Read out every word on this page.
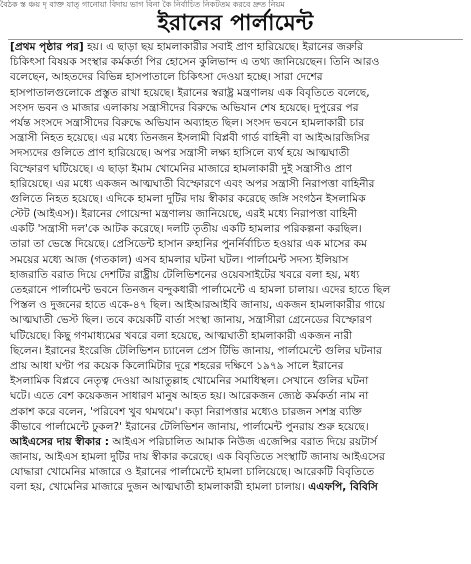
বৈঠক স্ত ঞ্চয় দৃ বাক্ত যাত্ গানোয়া বিদায় ভাগ বিনা কৈ নির্বাচিত নিকটতম করবে দ্রুত নিয়ম
ইরানের পার্লামেন্ট
[প্রথম পৃষ্ঠার পর] হয়। এ ছাড়া ছয় হামলাকারীর সবাই প্রাণ হারিয়েছে। ইরানের জরুরি
চিকিৎসা বিষয়ক সংস্থার কর্মকর্তা পির হোসেন কুলিভান্দ এ তথ্য জানিয়েছেন। তিনি আরও
বলেছেন, আহতদের বিভিন্ন হাসপাতালে চিকিৎসা দেওয়া হচ্ছে। সারা দেশের
হাসপাতালগুলোকে প্রস্তুত রাখা হয়েছে। ইরানের স্বরাষ্ট্র মন্ত্রণালয় এক বিবৃতিতে বলেছে,
সংসদ ভবন ও মাজার এলাকায় সন্ত্রাসীদের বিরুদ্ধে অভিযান শেষ হয়েছে। দুপুরের পর
পর্যন্ত সংসদে সন্ত্রাসীদের বিরুদ্ধে অভিযান অব্যাহত ছিল। সংসদ ভবনে হামলাকারী চার
সন্ত্রাসী নিহত হয়েছে। এর মধ্যে তিনজন ইসলামী বিপ্লবী গার্ড বাহিনী বা আইআরজিসির
সদস্যদের গুলিতে প্রাণ হারিয়েছে। অপর সন্ত্রাসী লক্ষ্য হাসিলে ব্যর্থ হয়ে আত্মঘাতী
বিস্ফোরণ ঘটিয়েছে। এ ছাড়া ইমাম খোমেনির মাজারে হামলাকারী দুই সন্ত্রাসীও প্রাণ
হারিয়েছে। এর মধ্যে একজন আত্মঘাতী বিস্ফোরণে এবং অপর সন্ত্রাসী নিরাপত্তা বাহিনীর
গুলিতে নিহত হয়েছে। এদিকে হামলা দুটির দায় স্বীকার করেছে জঙ্গি সংগঠন ইসলামিক
স্টেট (আইএস)। ইরানের গোয়েন্দা মন্ত্রণালয় জানিয়েছে, এরই মধ্যে নিরাপত্তা বাহিনী
একটি 'সন্ত্রাসী দল'কে আটক করেছে। দলটি তৃতীয় একটি হামলার পরিকল্পনা করছিল।
তারা তা ভেস্তে দিয়েছে। প্রেসিডেন্ট হাসান রুহানির পুনর্নির্বাচিত হওয়ার এক মাসের কম
সময়ের মধ্যে আজ (গতকাল) এসব হামলার ঘটনা ঘটল। পার্লামেন্ট সদস্য ইলিয়াস
হাজরাতি বরাত দিয়ে দেশটির রাষ্ট্রীয় টেলিভিশনের ওয়েবসাইটের খবরে বলা হয়, মধ্য
তেহরানে পার্লামেন্ট ভবনে তিনজন বন্দুকধারী পার্লামেন্টে এ হামলা চালায়। এদের হাতে ছিল
পিস্তল ও দুজনের হাতে একে-৪৭ ছিল। আইআরআইবি জানায়, একজন হামলাকারীর গায়ে
আত্মঘাতী ভেস্ট ছিল। তবে কয়েকটি বার্তা সংস্থা জানায়, সন্ত্রাসীরা গ্রেনেডের বিস্ফোরণ
ঘটিয়েছে। কিছু গণমাধ্যমের খবরে বলা হয়েছে, আত্মঘাতী হামলাকারী একজন নারী
ছিলেন। ইরানের ইংরেজি টেলিভিশন চ্যানেল প্রেস টিভি জানায়, পার্লামেন্টে গুলির ঘটনার
প্রায় আধা ঘণ্টা পর কয়েক কিলোমিটার দূরে শহরের দক্ষিণে ১৯৭৯ সালে ইরানের
ইসলামিক বিপ্লবে নেতৃত্ব দেওয়া আয়াতুল্লাহ খোমেনির সমাধিস্থল। সেখানে গুলির ঘটনা
ঘটে। এতে বেশ কয়েকজন সাধারণ মানুষ আহত হয়। আরেকজন জ্যেষ্ঠ কর্মকর্তা নাম না
প্রকাশ করে বলেন, 'পরিবেশ খুব থমথমে'। কড়া নিরাপত্তার মধ্যেও চারজন সশস্ত্র ব্যক্তি
কীভাবে পার্লামেন্টে ঢুকল?' ইরানের টেলিভিশন জানায়, পার্লামেন্ট পুনরায় শুরু হয়েছে।
আইএসের দায় স্বীকার : আইএস পরিচালিত আমাক নিউজ এজেন্সির বরাত দিয়ে রয়টার্স
জানায়, আইএস হামলা দুটির দায় স্বীকার করেছে। এক বিবৃতিতে সংস্থাটি জানায় আইএসের
যোদ্ধারা খোমেনির মাজারে ও ইরানের পার্লামেন্টে হামলা চালিয়েছে। আরেকটি বিবৃতিতে
বলা হয়, খোমেনির মাজারে দুজন আত্মঘাতী হামলাকারী হামলা চালায়। এএফপি, বিবিসি
